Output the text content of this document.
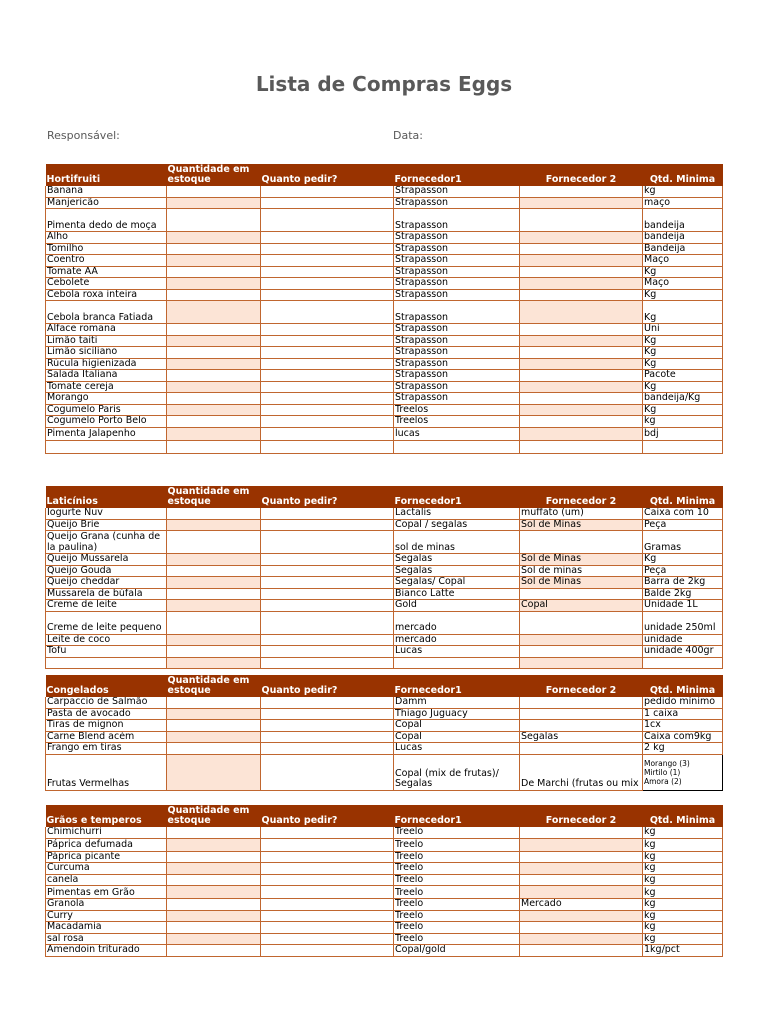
Lista de Compras Eggs
Responsável:	Data:
Hortifruiti	Quantidade em estoque	Quanto pedir?	Fornecedor1	Fornecedor 2	Qtd. Minima
Banana			Strapasson		kg
Manjericão			Strapasson		maço
Pimenta dedo de moça			Strapasson		bandeija
Alho			Strapasson		bandeija
Tomilho			Strapasson		Bandeija
Coentro			Strapasson		Maço
Tomate AA			Strapasson		Kg
Cebolete			Strapasson		Maço
Cebola roxa inteira			Strapasson		Kg
Cebola branca Fatiada			Strapasson		Kg
Alface romana			Strapasson		Uni
Limão taiti			Strapasson		Kg
Limão siciliano			Strapasson		Kg
Rúcula higienizada			Strapasson		Kg
Salada Italiana			Strapasson		Pacote
Tomate cereja			Strapasson		Kg
Morango			Strapasson		bandeija/Kg
Cogumelo Paris			Treelos		Kg
Cogumelo Porto Belo			Treelos		kg
Pimenta Jalapenho			lucas		bdj

Laticínios	Quantidade em estoque	Quanto pedir?	Fornecedor1	Fornecedor 2	Qtd. Minima
Iogurte Nuv			Lactalis	muffato (um)	Caixa com 10
Queijo Brie			Copal / segalas	Sol de Minas	Peça
Queijo Grana (cunha de la paulina)			sol de minas		Gramas
Queijo Mussarela			Segalas	Sol de Minas	Kg
Queijo Gouda			Segalas	Sol de minas	Peça
Queijo cheddar			Segalas/ Copal	Sol de Minas	Barra de 2kg
Mussarela de búfala			Bianco Latte		Balde 2kg
Creme de leite			Gold	Copal	Unidade 1L
Creme de leite pequeno			mercado		unidade 250ml
Leite de coco			mercado		unidade
Tofu			Lucas		unidade 400gr

Congelados	Quantidade em estoque	Quanto pedir?	Fornecedor1	Fornecedor 2	Qtd. Minima
Carpaccio de Salmão			Damm		pedido mínimo
Pasta de avocado			Thiago Juguacy		1 caixa
Tiras de mignon			Copal		1cx
Carne Blend acém			Copal	Segalas	Caixa com9kg
Frango em tiras			Lucas		2 kg
Frutas Vermelhas			Copal (mix de frutas)/ Segalas	De Marchi (frutas ou mix	Morango (3)
Mirtilo (1)
Amora (2)
Grãos e temperos	Quantidade em estoque	Quanto pedir?	Fornecedor1	Fornecedor 2	Qtd. Minima
Chimichurri			Treelo		kg
Páprica defumada			Treelo		kg
Páprica picante			Treelo		kg
Curcuma			Treelo		kg
canela			Treelo		kg
Pimentas em Grão			Treelo		kg
Granola			Treelo	Mercado	kg
Curry			Treelo		kg
Macadamia			Treelo		kg
sal rosa			Treelo		kg
Amendoin triturado			Copal/gold		1kg/pct
